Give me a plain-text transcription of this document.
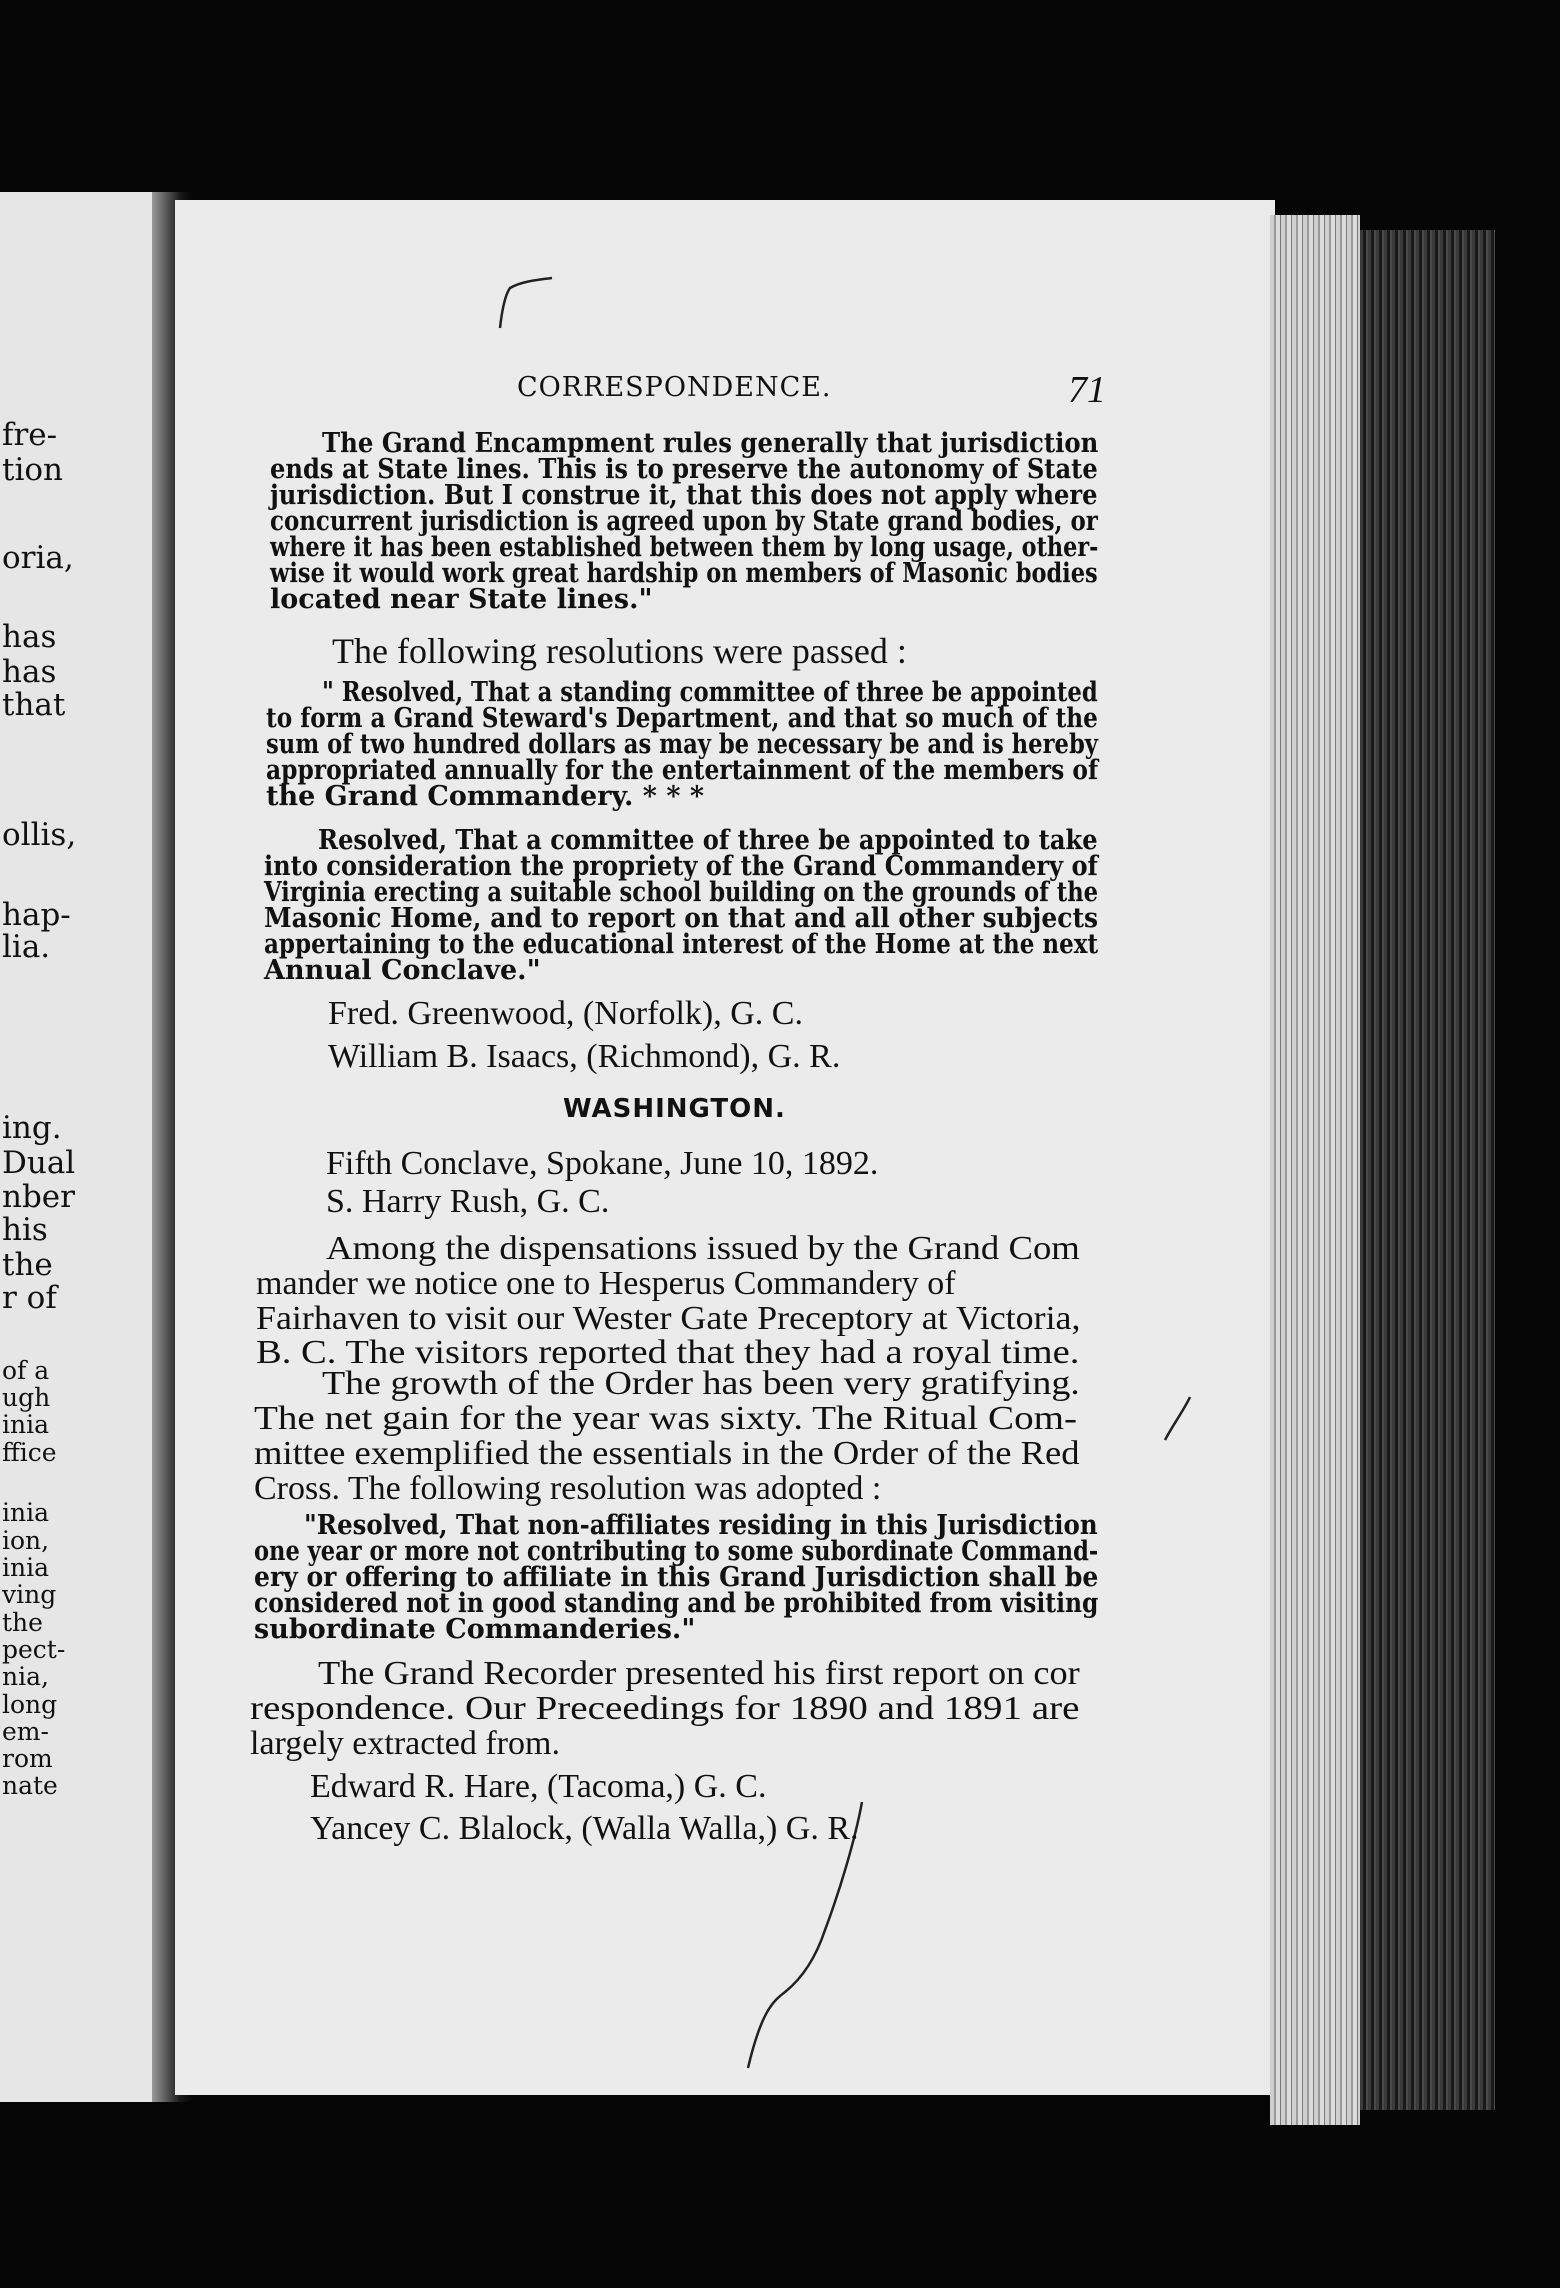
fre-
tion
oria,
has
has
that
ollis,
hap-
lia.
ing.
Dual
nber
his
the
r of
of a
ugh
inia
ffice
inia
ion,
inia
ving
the
pect-
nia,
long
em-
rom
nate
CORRESPONDENCE.	71
The Grand Encampment rules generally that jurisdiction
ends at State lines. This is to preserve the autonomy of State
jurisdiction. But I construe it, that this does not apply where
concurrent jurisdiction is agreed upon by State grand bodies, or
where it has been established between them by long usage, other-
wise it would work great hardship on members of Masonic bodies
located near State lines."
The following resolutions were passed :
" Resolved, That a standing committee of three be appointed
to form a Grand Steward's Department, and that so much of the
sum of two hundred dollars as may be necessary be and is hereby
appropriated annually for the entertainment of the members of
the Grand Commandery. * * *
Resolved, That a committee of three be appointed to take
into consideration the propriety of the Grand Commandery of
Virginia erecting a suitable school building on the grounds of the
Masonic Home, and to report on that and all other subjects
appertaining to the educational interest of the Home at the next
Annual Conclave."
Fred. Greenwood, (Norfolk), G. C.
William B. Isaacs, (Richmond), G. R.
WASHINGTON.
Fifth Conclave, Spokane, June 10, 1892.
S. Harry Rush, G. C.
Among the dispensations issued by the Grand Com
mander we notice one to Hesperus Commandery of
Fairhaven to visit our Wester Gate Preceptory at Victoria,
B. C. The visitors reported that they had a royal time.
The growth of the Order has been very gratifying.
The net gain for the year was sixty. The Ritual Com-
mittee exemplified the essentials in the Order of the Red
Cross. The following resolution was adopted :
"Resolved, That non-affiliates residing in this Jurisdiction
one year or more not contributing to some subordinate Command-
ery or offering to affiliate in this Grand Jurisdiction shall be
considered not in good standing and be prohibited from visiting
subordinate Commanderies."
The Grand Recorder presented his first report on cor
respondence. Our Preceedings for 1890 and 1891 are
largely extracted from.
Edward R. Hare, (Tacoma,) G. C.
Yancey C. Blalock, (Walla Walla,) G. R.
